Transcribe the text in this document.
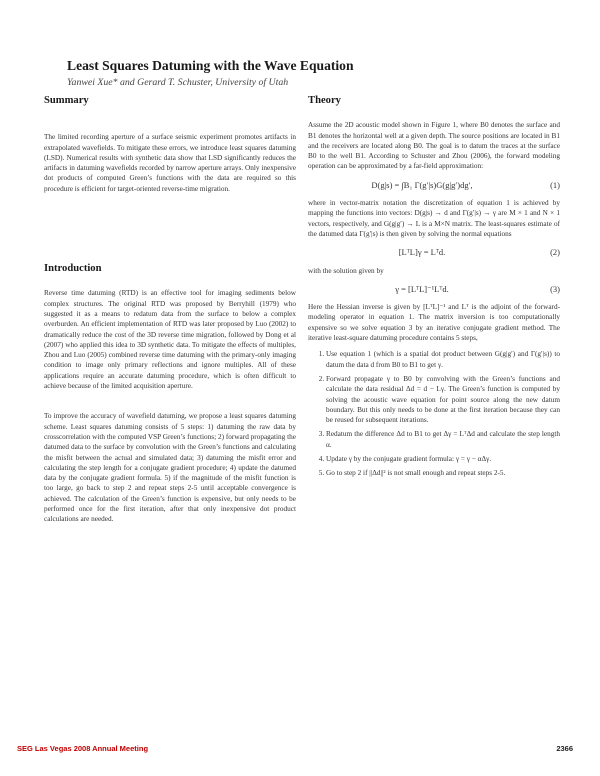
Least Squares Datuming with the Wave Equation
Yanwei Xue* and Gerard T. Schuster, University of Utah
Summary

The limited recording aperture of a surface seismic experiment promotes artifacts in extrapolated wavefields. To mitigate these errors, we introduce least squares datuming (LSD). Numerical results with synthetic data show that LSD significantly reduces the artifacts in datuming wavefields recorded by narrow aperture arrays. Only inexpensive dot products of computed Green’s functions with the data are required so this procedure is efficient for target-oriented reverse-time migration.

Introduction

Reverse time datuming (RTD) is an effective tool for imaging sediments below complex structures. The original RTD was proposed by Berryhill (1979) who suggested it as a means to redatum data from the surface to below a complex overburden. An efficient implementation of RTD was later proposed by Luo (2002) to dramatically reduce the cost of the 3D reverse time migration, followed by Dong et al (2007) who applied this idea to 3D synthetic data. To mitigate the effects of multiples, Zhou and Luo (2005) combined reverse time datuming with the primary-only imaging condition to image only primary reflections and ignore multiples. All of these applications require an accurate datuming procedure, which is often difficult to achieve because of the limited acquisition aperture.

To improve the accuracy of wavefield datuming, we propose a least squares datuming scheme. Least squares datuming consists of 5 steps: 1) datuming the raw data by crosscorrelation with the computed VSP Green’s functions; 2) forward propagating the datumed data to the surface by convolution with the Green’s functions and calculating the misfit between the actual and simulated data; 3) datuming the misfit error and calculating the step length for a conjugate gradient procedure; 4) update the datumed data by the conjugate gradient formula. 5) if the magnitude of the misfit function is too large, go back to step 2 and repeat steps 2-5 until acceptable convergence is achieved. The calculation of the Green’s function is expensive, but only needs to be performed once for the first iteration, after that only inexpensive dot product calculations are needed.

Theory

Assume the 2D acoustic model shown in Figure 1, where B0 denotes the surface and B1 denotes the horizontal well at a given depth. The source positions are located in B1 and the receivers are located along B0. The goal is to datum the traces at the surface B0 to the well B1. According to Schuster and Zhou (2006), the forward modeling operation can be approximated by a far-field approximation:

D(g|s) = ∫B₁ Γ(g′|s)G(g|g′)dg′,	(1)

where in vector-matrix notation the discretization of equation 1 is achieved by mapping the functions into vectors: D(g|s) → d and Γ(g′|s) → γ are M × 1 and N × 1 vectors, respectively, and G(g|g′) → L is a M×N matrix. The least-squares estimate of the datumed data Γ(g′|s) is then given by solving the normal equations

[LᵀL]γ = Lᵀd.	(2)

with the solution given by

γ = [LᵀL]⁻¹Lᵀd.	(3)

Here the Hessian inverse is given by [LᵀL]⁻¹ and Lᵀ is the adjoint of the forward-modeling operator in equation 1. The matrix inversion is too computationally expensive so we solve equation 3 by an iterative conjugate gradient method. The iterative least-square datuming procedure contains 5 steps,

1. Use equation 1 (which is a spatial dot product between G(g|g′) and Γ(g′|s)) to datum the data d from B0 to B1 to get γ.
2. Forward propagate γ to B0 by convolving with the Green’s functions and calculate the data residual Δd = d − Lγ. The Green’s function is computed by solving the acoustic wave equation for point source along the new datum boundary. But this only needs to be done at the first iteration because they can be reused for subsequent iterations.
3. Redatum the difference Δd to B1 to get Δγ = LᵀΔd and calculate the step length α.
4. Update γ by the conjugate gradient formula: γ = γ − αΔγ.
5. Go to step 2 if ||Δd||² is not small enough and repeat steps 2-5.
SEG Las Vegas 2008 Annual Meeting	2366
